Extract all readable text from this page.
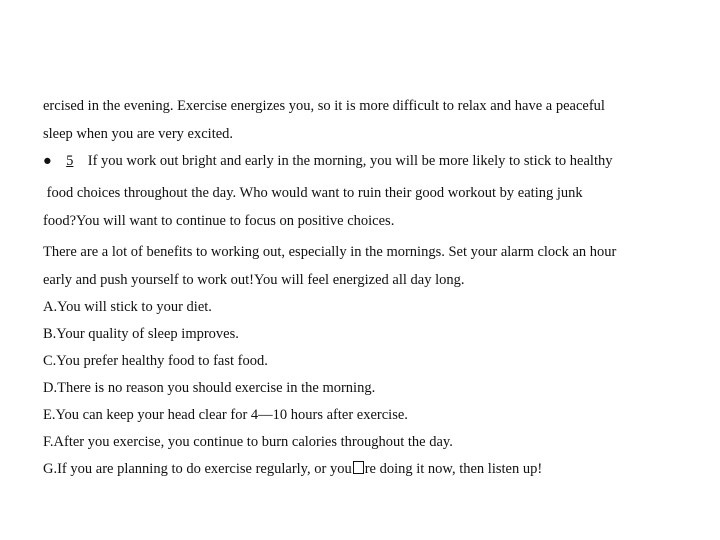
ercised in the evening. Exercise energizes you, so it is more difficult to relax and have a peaceful
sleep when you are very excited.
● 5 If you work out bright and early in the morning, you will be more likely to stick to healthy
food choices throughout the day. Who would want to ruin their good workout by eating junk
food?You will want to continue to focus on positive choices.
There are a lot of benefits to working out, especially in the mornings. Set your alarm clock an hour
early and push yourself to work out!You will feel energized all day long.
A.You will stick to your diet.
B.Your quality of sleep improves.
C.You prefer healthy food to fast food.
D.There is no reason you should exercise in the morning.
E.You can keep your head clear for 4—10 hours after exercise.
F.After you exercise, you continue to burn calories throughout the day.
G.If you are planning to do exercise regularly, or you re doing it now, then listen up!
